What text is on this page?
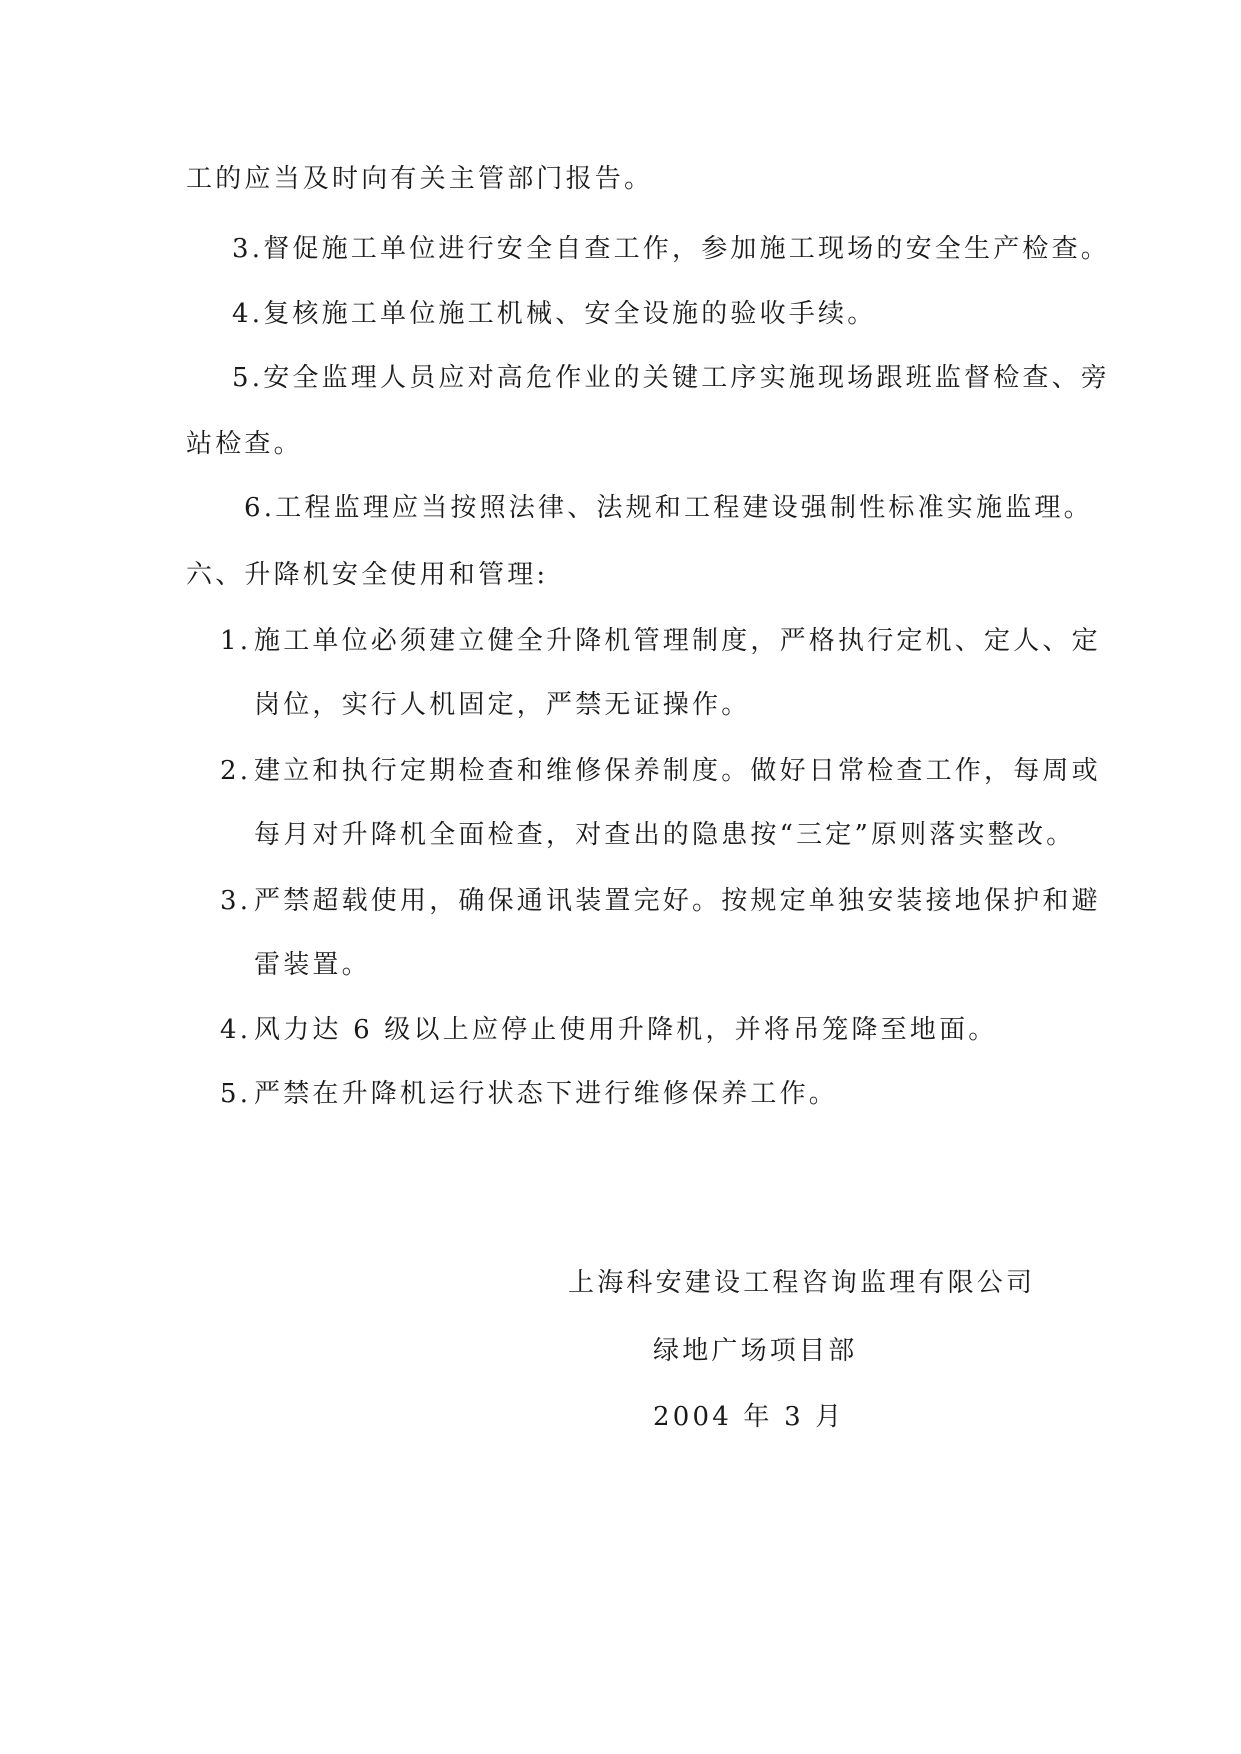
工的应当及时向有关主管部门报告。
3.督促施工单位进行安全自查工作，参加施工现场的安全生产检查。
4.复核施工单位施工机械、安全设施的验收手续。
5.安全监理人员应对高危作业的关键工序实施现场跟班监督检查、旁
站检查。
6.工程监理应当按照法律、法规和工程建设强制性标准实施监理。
六、升降机安全使用和管理:
1. 施工单位必须建立健全升降机管理制度，严格执行定机、定人、定
岗位，实行人机固定，严禁无证操作。
2. 建立和执行定期检查和维修保养制度。做好日常检查工作，每周或
每月对升降机全面检查，对查出的隐患按“三定”原则落实整改。
3. 严禁超载使用，确保通讯装置完好。按规定单独安装接地保护和避
雷装置。
4. 风力达 6 级以上应停止使用升降机，并将吊笼降至地面。
5. 严禁在升降机运行状态下进行维修保养工作。
上海科安建设工程咨询监理有限公司
绿地广场项目部
2004 年 3 月
